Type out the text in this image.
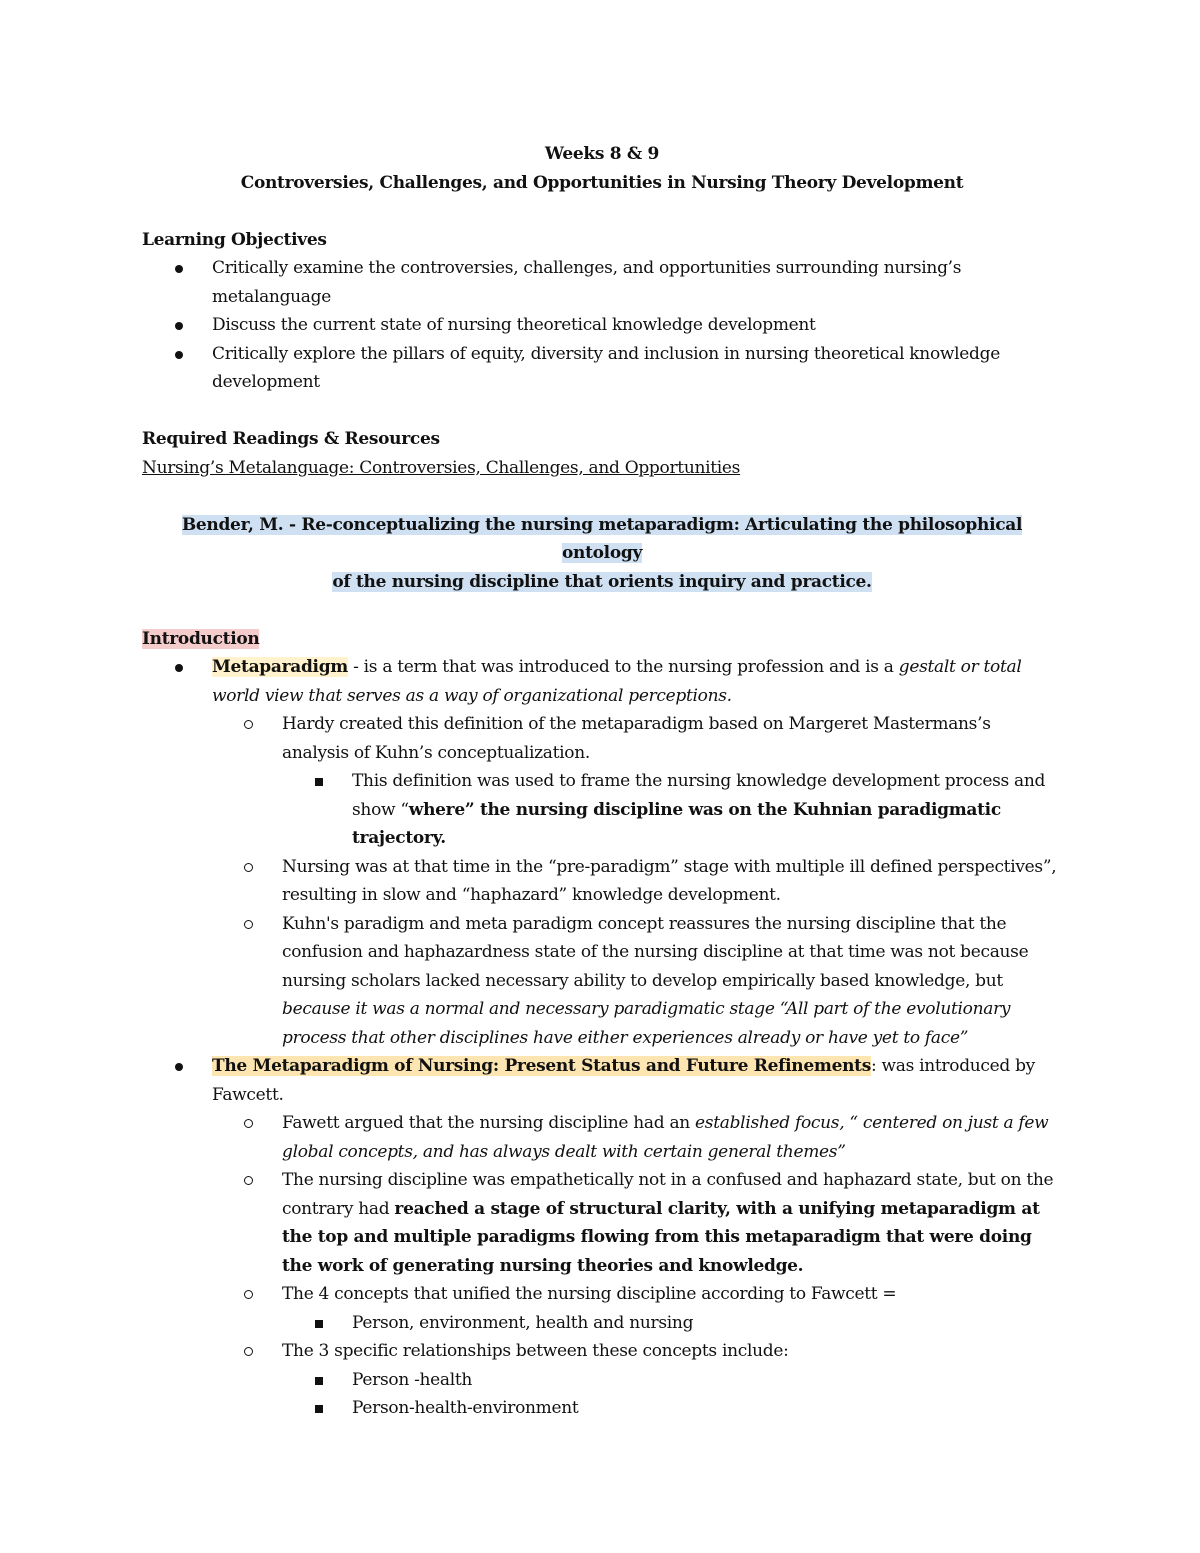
Weeks 8 & 9

Controversies, Challenges, and Opportunities in Nursing Theory Development

Learning Objectives

Critically examine the controversies, challenges, and opportunities surrounding nursing’s metalanguage
Discuss the current state of nursing theoretical knowledge development
Critically explore the pillars of equity, diversity and inclusion in nursing theoretical knowledge development

Required Readings & Resources

Nursing’s Metalanguage: Controversies, Challenges, and Opportunities

Bender, M. - Re-conceptualizing the nursing metaparadigm: Articulating the philosophical ontology
of the nursing discipline that orients inquiry and practice.

Introduction

Metaparadigm - is a term that was introduced to the nursing profession and is a gestalt or total world view that serves as a way of organizational perceptions.
Hardy created this definition of the metaparadigm based on Margeret Mastermans’s analysis of Kuhn’s conceptualization.
This definition was used to frame the nursing knowledge development process and show “where” the nursing discipline was on the Kuhnian paradigmatic trajectory.
Nursing was at that time in the “pre-paradigm” stage with multiple ill defined perspectives”, resulting in slow and “haphazard” knowledge development.
Kuhn's paradigm and meta paradigm concept reassures the nursing discipline that the confusion and haphazardness state of the nursing discipline at that time was not because nursing scholars lacked necessary ability to develop empirically based knowledge, but because it was a normal and necessary paradigmatic stage “All part of the evolutionary process that other disciplines have either experiences already or have yet to face”
The Metaparadigm of Nursing: Present Status and Future Refinements: was introduced by Fawcett.
Fawett argued that the nursing discipline had an established focus, “ centered on just a few global concepts, and has always dealt with certain general themes”
The nursing discipline was empathetically not in a confused and haphazard state, but on the contrary had reached a stage of structural clarity, with a unifying metaparadigm at the top and multiple paradigms flowing from this metaparadigm that were doing the work of generating nursing theories and knowledge.
The 4 concepts that unified the nursing discipline according to Fawcett =
Person, environment, health and nursing
The 3 specific relationships between these concepts include:
Person -health
Person-health-environment
